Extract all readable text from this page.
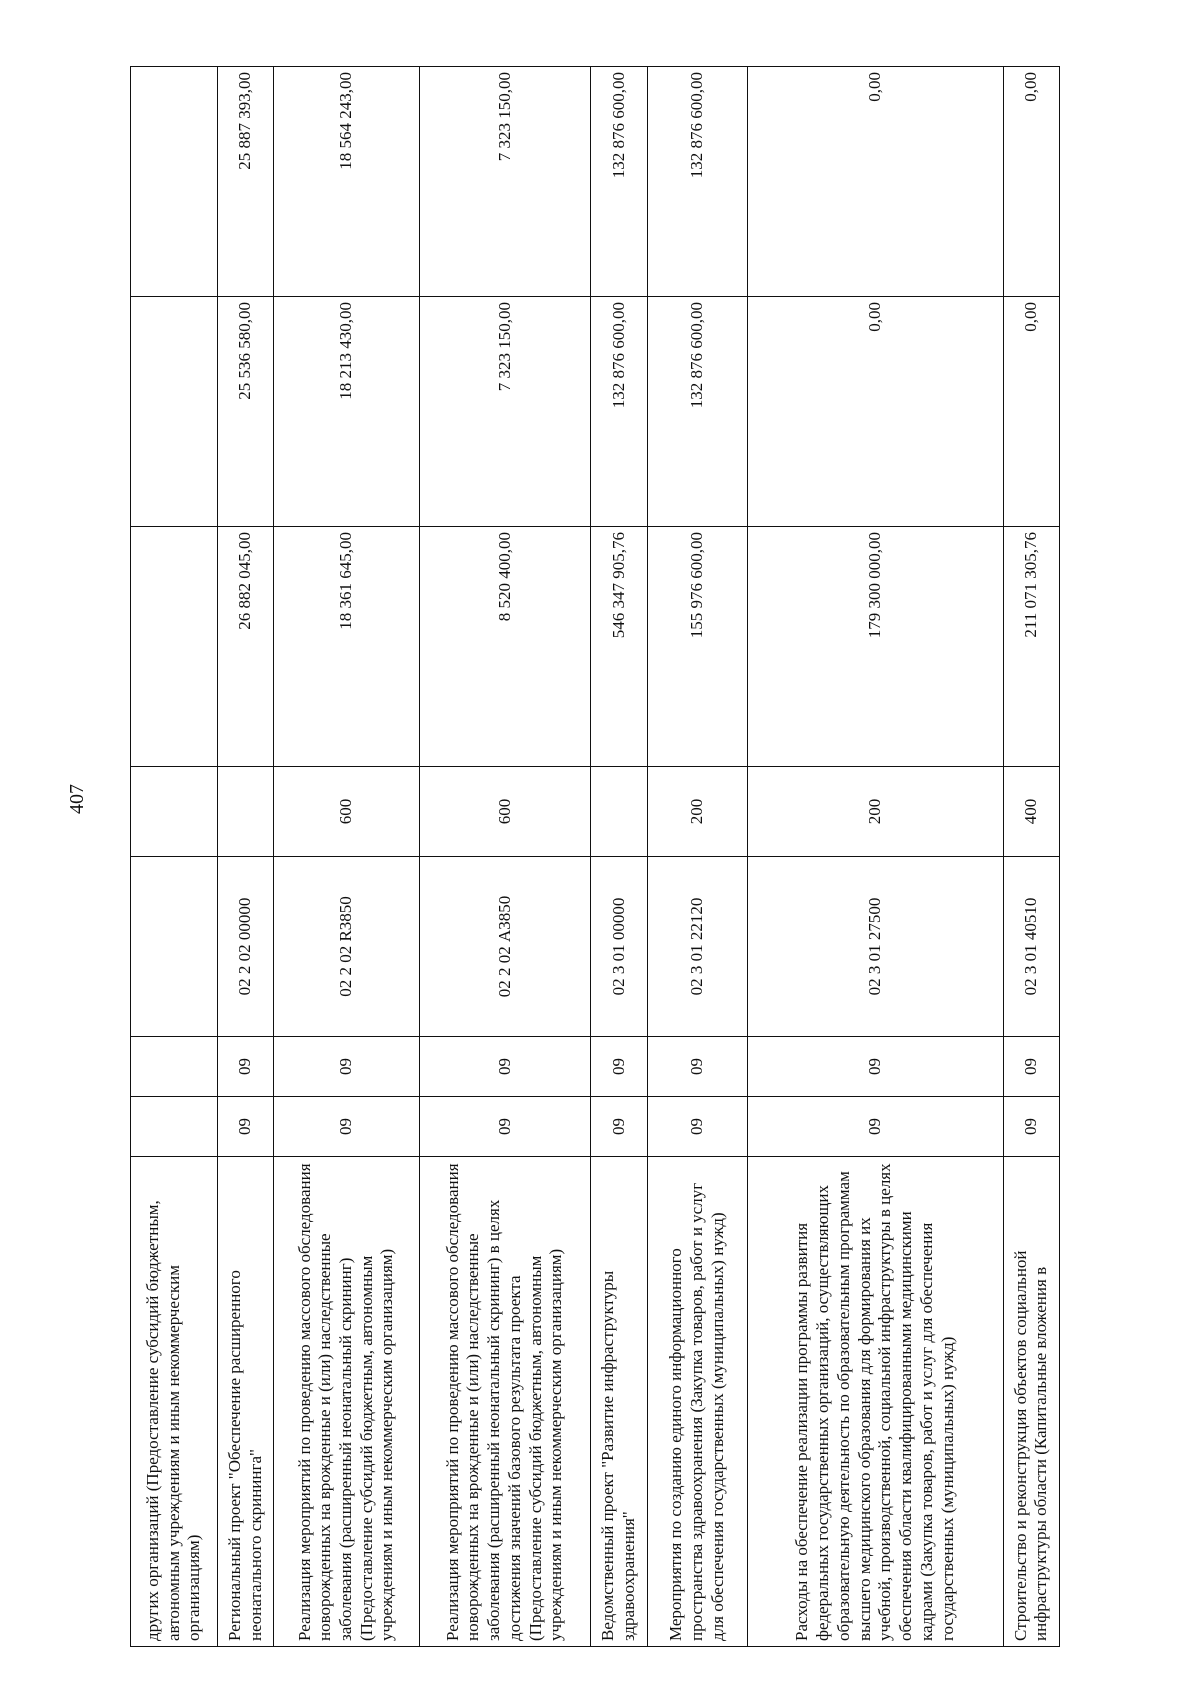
407
других организаций (Предоставление субсидий бюджетным, автономным учреждениям и иным некоммерческим организациям)							
Региональный проект "Обеспечение расширенного неонатального скрининга"	09	09	02 2 02 00000		26 882 045,00	25 536 580,00	25 887 393,00
Реализация мероприятий по проведению массового обследования новорожденных на врожденные и (или) наследственные заболевания (расширенный неонатальный скрининг) (Предоставление субсидий бюджетным, автономным учреждениям и иным некоммерческим организациям)	09	09	02 2 02 R3850	600	18 361 645,00	18 213 430,00	18 564 243,00
Реализация мероприятий по проведению массового обследования новорожденных на врожденные и (или) наследственные заболевания (расширенный неонатальный скрининг) в целях достижения значений базового результата проекта (Предоставление субсидий бюджетным, автономным учреждениям и иным некоммерческим организациям)	09	09	02 2 02 А3850	600	8 520 400,00	7 323 150,00	7 323 150,00
Ведомственный проект "Развитие инфраструктуры здравоохранения"	09	09	02 3 01 00000		546 347 905,76	132 876 600,00	132 876 600,00
Мероприятия по созданию единого информационного пространства здравоохранения (Закупка товаров, работ и услуг для обеспечения государственных (муниципальных) нужд)	09	09	02 3 01 22120	200	155 976 600,00	132 876 600,00	132 876 600,00
Расходы на обеспечение реализации программы развития федеральных государственных организаций, осуществляющих образовательную деятельность по образовательным программам высшего медицинского образования для формирования их учебной, производственной, социальной инфраструктуры в целях обеспечения области квалифицированными медицинскими кадрами (Закупка товаров, работ и услуг для обеспечения государственных (муниципальных) нужд)	09	09	02 3 01 27500	200	179 300 000,00	0,00	0,00
Строительство и реконструкция объектов социальной инфраструктуры области (Капитальные вложения в	09	09	02 3 01 40510	400	211 071 305,76	0,00	0,00
